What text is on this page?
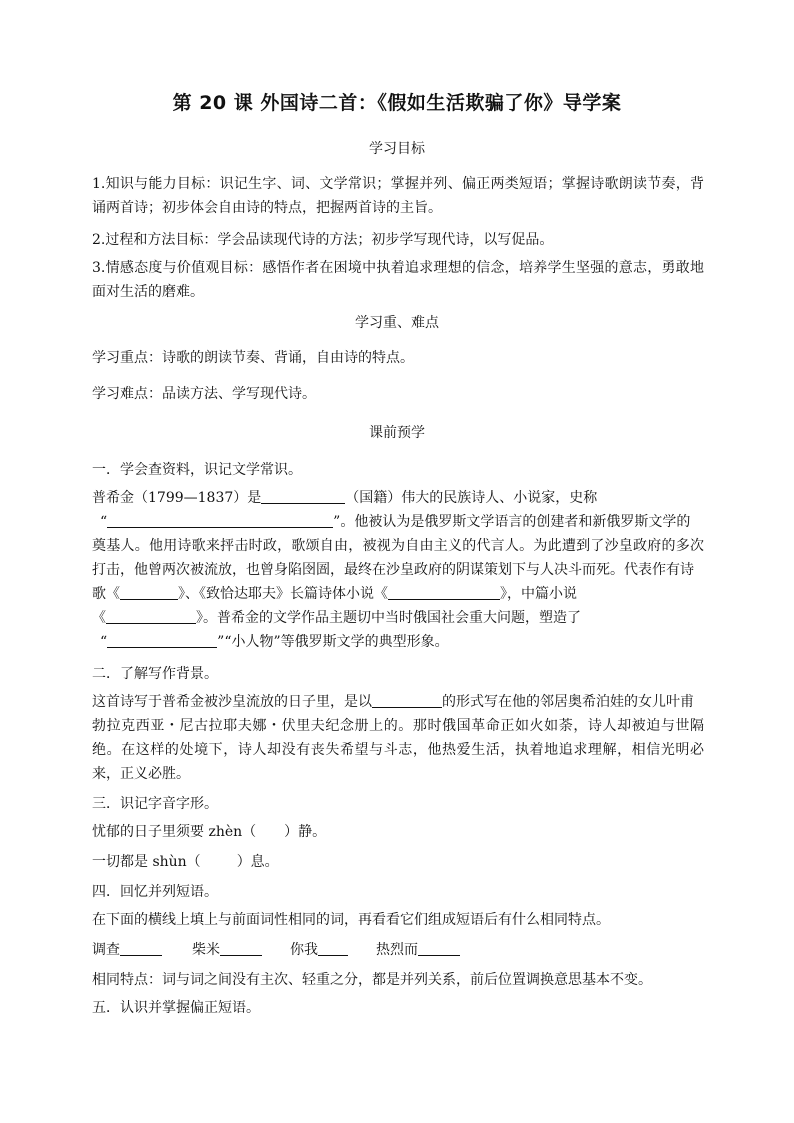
第 20 课 外国诗二首：《假如生活欺骗了你》导学案
学习目标
1.知识与能力目标：识记生字、词、文学常识；掌握并列、偏正两类短语；掌握诗歌朗读节奏，背诵两首诗；初步体会自由诗的特点，把握两首诗的主旨。
2.过程和方法目标：学会品读现代诗的方法；初步学写现代诗，以写促品。
3.情感态度与价值观目标：感悟作者在困境中执着追求理想的信念，培养学生坚强的意志，勇敢地面对生活的磨难。
学习重、难点
学习重点：诗歌的朗读节奏、背诵，自由诗的特点。
学习难点：品读方法、学写现代诗。
课前预学
一．学会查资料，识记文学常识。
普希金（1799—1837）是	（国籍）伟大的民族诗人、小说家，史称
“	”。他被认为是俄罗斯文学语言的创建者和新俄罗斯文学的
奠基人。他用诗歌来抨击时政，歌颂自由，被视为自由主义的代言人。为此遭到了沙皇政府的多次打击，他曾两次被流放，也曾身陷囹圄，最终在沙皇政府的阴谋策划下与人决斗而死。代表作有诗
歌《	》、《致恰达耶夫》长篇诗体小说《	》，中篇小说
《	》。普希金的文学作品主题切中当时俄国社会重大问题，塑造了
“	”“小人物”等俄罗斯文学的典型形象。
二．了解写作背景。
这首诗写于普希金被沙皇流放的日子里，是以	的形式写在他的邻居奥希泊娃的女儿叶甫
勃拉克西亚・尼古拉耶夫娜・伏里夫纪念册上的。那时俄国革命正如火如荼，诗人却被迫与世隔绝。在这样的处境下，诗人却没有丧失希望与斗志，他热爱生活，执着地追求理解，相信光明必来，正义必胜。
三．识记字音字形。
忧郁的日子里须要 zhèn（ ）静。
一切都是 shùn（	）息。
四．回忆并列短语。
在下面的横线上填上与前面词性相同的词，再看看它们组成短语后有什么相同特点。
调查	柴米	你我	热烈而
相同特点：词与词之间没有主次、轻重之分，都是并列关系，前后位置调换意思基本不变。
五．认识并掌握偏正短语。
